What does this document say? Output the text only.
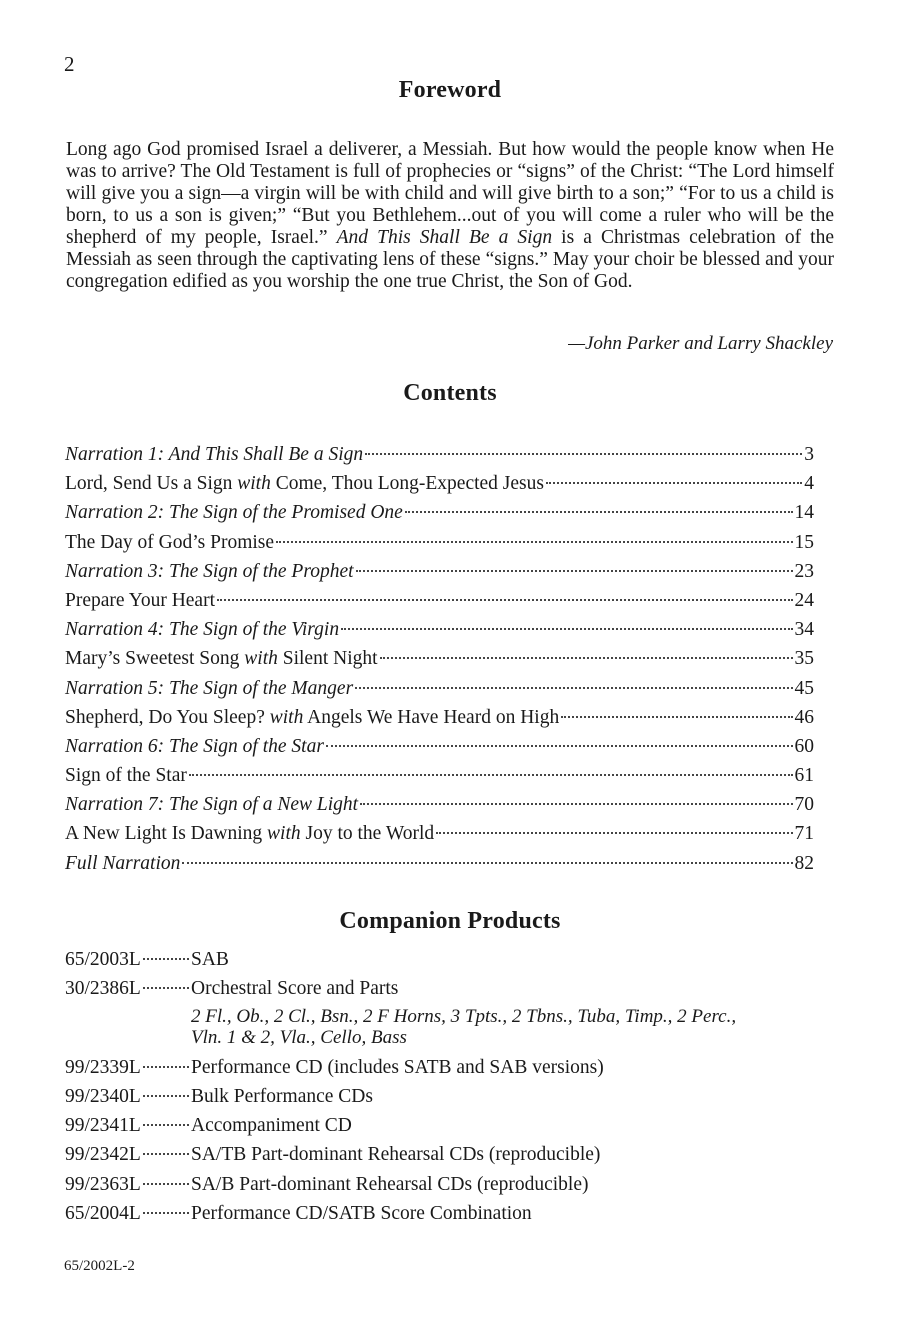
2
Foreword

Long ago God promised Israel a deliverer, a Messiah. But how would the people know when He was to arrive? The Old Testament is full of prophecies or “signs” of the Christ: “The Lord himself will give you a sign—a virgin will be with child and will give birth to a son;” “For to us a child is born, to us a son is given;” “But you Bethlehem...out of you will come a ruler who will be the shepherd of my people, Israel.” And This Shall Be a Sign is a Christmas celebration of the Messiah as seen through the captivating lens of these “signs.” May your choir be blessed and your congregation edified as you worship the one true Christ, the Son of God.

—John Parker and Larry Shackley
Contents
Narration 1: And This Shall Be a Sign	3
Lord, Send Us a Sign with Come, Thou Long-Expected Jesus	4
Narration 2: The Sign of the Promised One	14
The Day of God’s Promise	15
Narration 3: The Sign of the Prophet	23
Prepare Your Heart	24
Narration 4: The Sign of the Virgin	34
Mary’s Sweetest Song with Silent Night	35
Narration 5: The Sign of the Manger	45
Shepherd, Do You Sleep? with Angels We Have Heard on High	46
Narration 6: The Sign of the Star	60
Sign of the Star	61
Narration 7: The Sign of a New Light	70
A New Light Is Dawning with Joy to the World	71
Full Narration	82
Companion Products
65/2003L	SAB
30/2386L	Orchestral Score and Parts
2 Fl., Ob., 2 Cl., Bsn., 2 F Horns, 3 Tpts., 2 Tbns., Tuba, Timp., 2 Perc., Vln. 1 & 2, Vla., Cello, Bass
99/2339L	Performance CD (includes SATB and SAB versions)
99/2340L	Bulk Performance CDs
99/2341L	Accompaniment CD
99/2342L	SA/TB Part-dominant Rehearsal CDs (reproducible)
99/2363L	SA/B Part-dominant Rehearsal CDs (reproducible)
65/2004L	Performance CD/SATB Score Combination
65/2002L-2
